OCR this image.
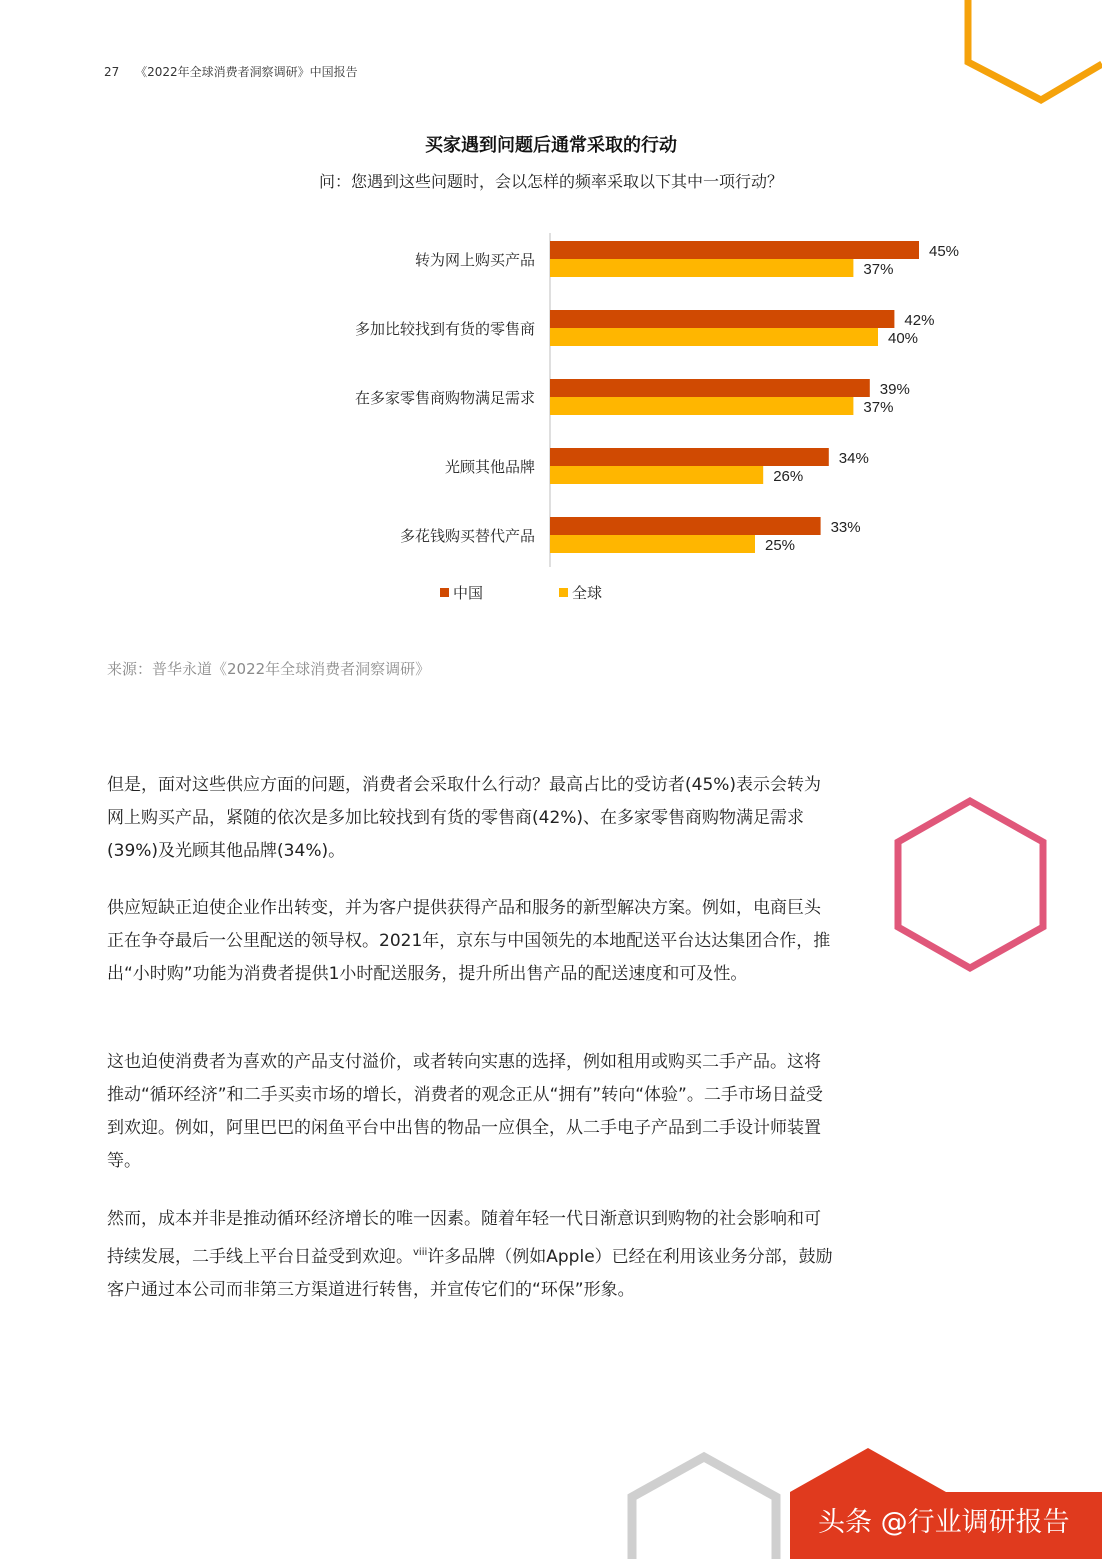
27 《2022年全球消费者洞察调研》中国报告
买家遇到问题后通常采取的行动
问：您遇到这些问题时，会以怎样的频率采取以下其中一项行动？
转为网上购买产品	45%
37%
多加比较找到有货的零售商	42%
40%
在多家零售商购物满足需求	39%
37%
光顾其他品牌	34%
26%
多花钱购买替代产品	33%
25%
中国	全球
来源：普华永道《2022年全球消费者洞察调研》

但是，面对这些供应方面的问题，消费者会采取什么行动？最高占比的受访者(45%)表示会转为网上购买产品，紧随的依次是多加比较找到有货的零售商(42%)、在多家零售商购物满足需求(39%)及光顾其他品牌(34%)。

供应短缺正迫使企业作出转变，并为客户提供获得产品和服务的新型解决方案。例如，电商巨头正在争夺最后一公里配送的领导权。2021年，京东与中国领先的本地配送平台达达集团合作，推出“小时购”功能为消费者提供1小时配送服务，提升所出售产品的配送速度和可及性。

这也迫使消费者为喜欢的产品支付溢价，或者转向实惠的选择，例如租用或购买二手产品。这将推动“循环经济”和二手买卖市场的增长，消费者的观念正从“拥有”转向“体验”。二手市场日益受到欢迎。例如，阿里巴巴的闲鱼平台中出售的物品一应俱全，从二手电子产品到二手设计师装置等。

然而，成本并非是推动循环经济增长的唯一因素。随着年轻一代日渐意识到购物的社会影响和可持续发展，二手线上平台日益受到欢迎。$^{viii}$许多品牌（例如Apple）已经在利用该业务分部，鼓励客户通过本公司而非第三方渠道进行转售，并宣传它们的“环保”形象。

头条 @行业调研报告
